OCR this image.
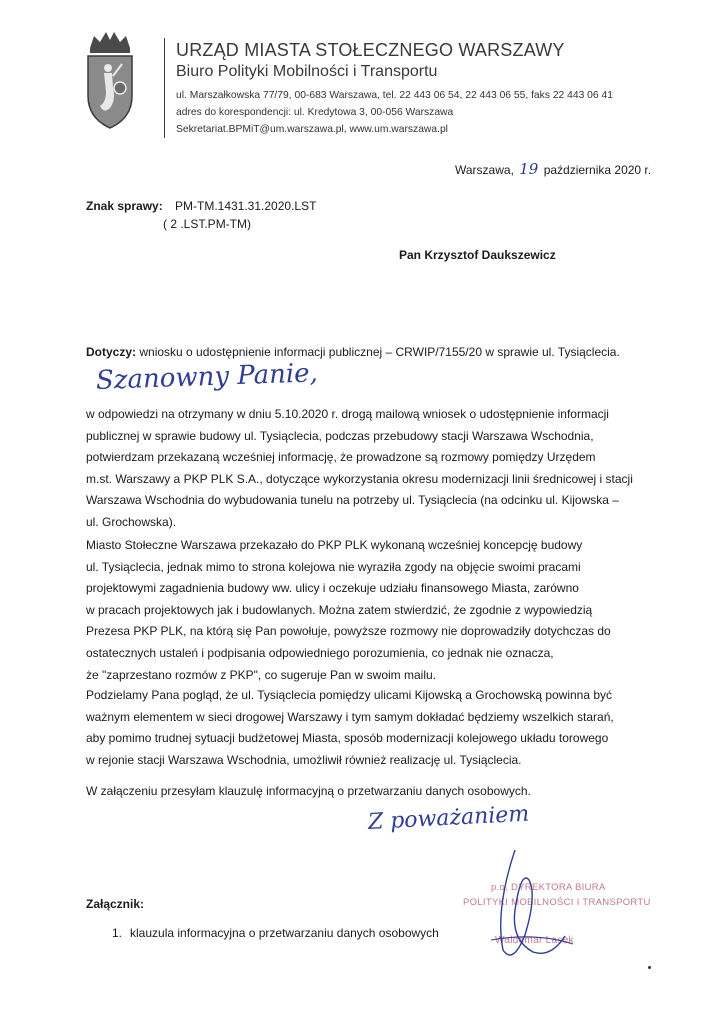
URZĄD MIASTA STOŁECZNEGO WARSZAWY
Biuro Polityki Mobilności i Transportu
ul. Marszałkowska 77/79, 00-683 Warszawa, tel. 22 443 06 54, 22 443 06 55, faks 22 443 06 41
adres do korespondencji: ul. Kredytowa 3, 00-056 Warszawa
Sekretariat.BPMiT@um.warszawa.pl, www.um.warszawa.pl
Warszawa, 19 października 2020 r.
Znak sprawy: PM-TM.1431.31.2020.LST
( 2 .LST.PM-TM)
Pan Krzysztof Daukszewicz
Dotyczy: wniosku o udostępnienie informacji publicznej – CRWIP/7155/20 w sprawie ul. Tysiąclecia.
Szanowny Panie,
w odpowiedzi na otrzymany w dniu 5.10.2020 r. drogą mailową wniosek o udostępnienie informacji
publicznej w sprawie budowy ul. Tysiąclecia, podczas przebudowy stacji Warszawa Wschodnia,
potwierdzam przekazaną wcześniej informację, że prowadzone są rozmowy pomiędzy Urzędem
m.st. Warszawy a PKP PLK S.A., dotyczące wykorzystania okresu modernizacji linii średnicowej i stacji
Warszawa Wschodnia do wybudowania tunelu na potrzeby ul. Tysiąclecia (na odcinku ul. Kijowska –
ul. Grochowska).
Miasto Stołeczne Warszawa przekazało do PKP PLK wykonaną wcześniej koncepcję budowy
ul. Tysiąclecia, jednak mimo to strona kolejowa nie wyraziła zgody na objęcie swoimi pracami
projektowymi zagadnienia budowy ww. ulicy i oczekuje udziału finansowego Miasta, zarówno
w pracach projektowych jak i budowlanych. Można zatem stwierdzić, że zgodnie z wypowiedzią
Prezesa PKP PLK, na którą się Pan powołuje, powyższe rozmowy nie doprowadziły dotychczas do
ostatecznych ustaleń i podpisania odpowiedniego porozumienia, co jednak nie oznacza,
że "zaprzestano rozmów z PKP", co sugeruje Pan w swoim mailu.
Podzielamy Pana pogląd, że ul. Tysiąclecia pomiędzy ulicami Kijowską a Grochowską powinna być
ważnym elementem w sieci drogowej Warszawy i tym samym dokładać będziemy wszelkich starań,
aby pomimo trudnej sytuacji budżetowej Miasta, sposób modernizacji kolejowego układu torowego
w rejonie stacji Warszawa Wschodnia, umożliwił również realizację ul. Tysiąclecia.
W załączeniu przesyłam klauzulę informacyjną o przetwarzaniu danych osobowych.
Z poważaniem
Załącznik:
1. klauzula informacyjna o przetwarzaniu danych osobowych
p.o. DYREKTORA BIURA
POLITYKI MOBILNOŚCI I TRANSPORTU
Waldemar Lasek
